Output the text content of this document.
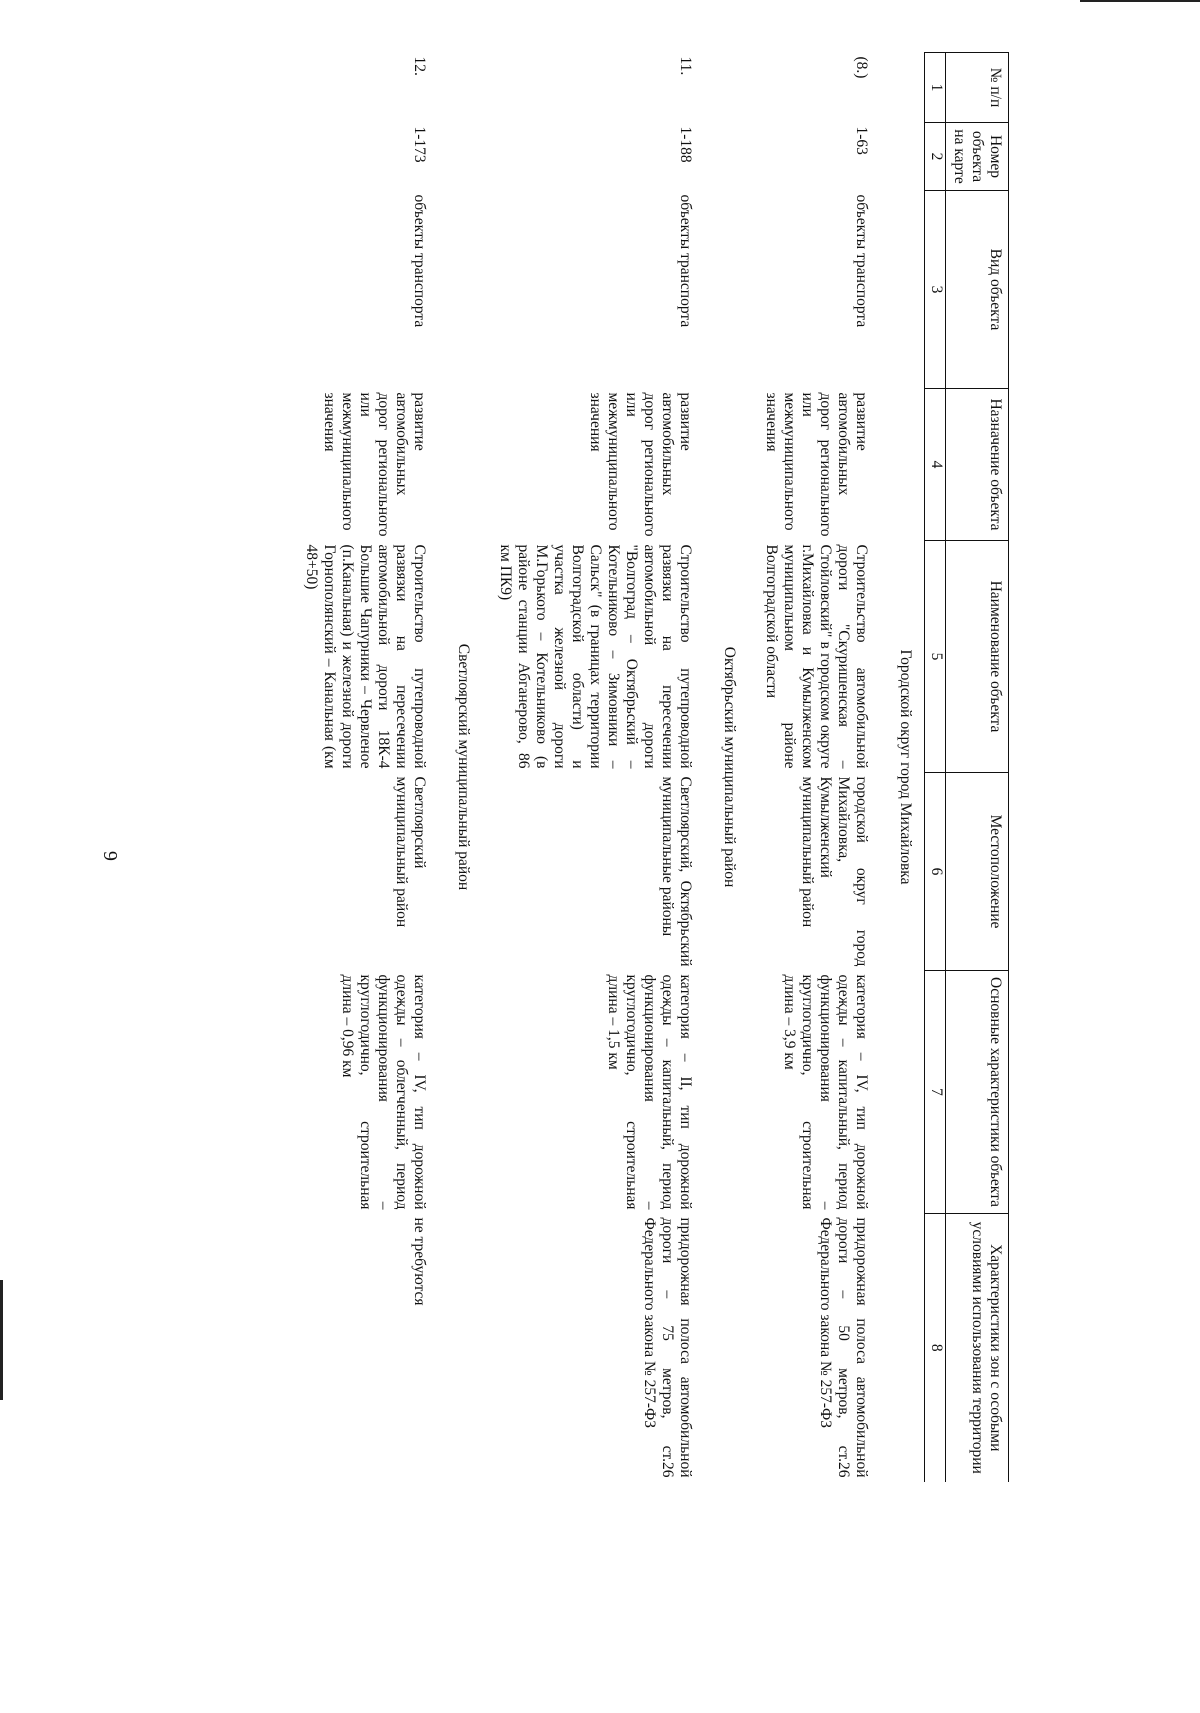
6
№ п/п	Номер объекта на карте	Вид объекта	Назначение объекта	Наименование объекта	Местоположение	Основные характеристики объекта	Характеристики зон с особыми условиями использования территории	
1	2	3	4	5	6	7	8	
Городской округ город Михайловка								
(8.)	1-63	объекты транспорта	развитие автомобильных дорог регионального или межмуниципального значения	Строительство автомобильной дороги "Скуришенская – Стойловский" в городском округе г.Михайловка и Кумылженском муниципальном районе Волгоградской области	городской округ город Михайловка, Кумылженский муниципальный район	категория – IV, тип дорожной одежды – капитальный, период функционирования – круглогодично, строительная длина – 3,9 км	придорожная полоса автомобильной дороги – 50 метров, ст.26 Федерального закона № 257-ФЗ	
Октябрьский муниципальный район								
11.	1-188	объекты транспорта	развитие автомобильных дорог регионального или межмуниципального значения	Строительство путепроводной развязки на пересечении автомобильной дороги "Волгоград – Октябрьский – Котельниково – Зимовники – Сальск" (в границах территории Волгоградской области) и участка железной дороги М.Горького – Котельниково (в районе станции Абганерово, 86 км ПК9)	Светлоярский, Октябрьский муниципальные районы	категория – II, тип дорожной одежды – капитальный, период функционирования – круглогодично, строительная длина – 1,5 км	придорожная полоса автомобильной дороги – 75 метров, ст.26 Федерального закона № 257-ФЗ	
Светлоярский муниципальный район								
12.	1-173	объекты транспорта	развитие автомобильных дорог регионального или межмуниципального значения	Строительство путепроводной развязки на пересечении автомобильной дороги 18К-4 Большие Чапурники – Червленое (п.Канальная) и железной дороги Горнополянский – Канальная (км 48+50)	Светлоярский муниципальный район	категория – IV, тип дорожной одежды – облегченный, период функционирования – круглогодично, строительная длина – 0,96 км	не требуются	
